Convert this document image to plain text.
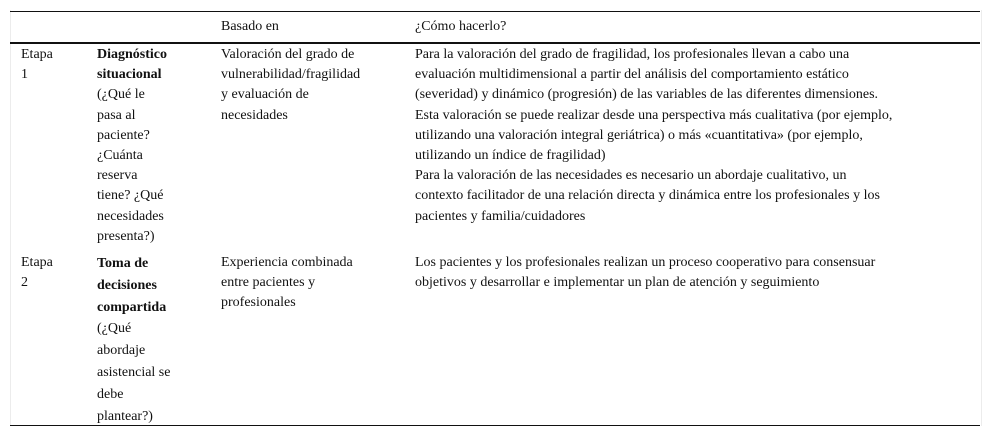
Basado en	¿Cómo hacerlo?
Etapa
1
Diagnóstico
situacional
(¿Qué le
pasa al
paciente?
¿Cuánta
reserva
tiene? ¿Qué
necesidades
presenta?)
Valoración del grado de
vulnerabilidad/fragilidad
y evaluación de
necesidades
Para la valoración del grado de fragilidad, los profesionales llevan a cabo una
evaluación multidimensional a partir del análisis del comportamiento estático
(severidad) y dinámico (progresión) de las variables de las diferentes dimensiones.
Esta valoración se puede realizar desde una perspectiva más cualitativa (por ejemplo,
utilizando una valoración integral geriátrica) o más «cuantitativa» (por ejemplo,
utilizando un índice de fragilidad)
Para la valoración de las necesidades es necesario un abordaje cualitativo, un
contexto facilitador de una relación directa y dinámica entre los profesionales y los
pacientes y familia/cuidadores
Etapa
2
Toma de
decisiones
compartida
(¿Qué
abordaje
asistencial se
debe
plantear?)
Experiencia combinada
entre pacientes y
profesionales
Los pacientes y los profesionales realizan un proceso cooperativo para consensuar
objetivos y desarrollar e implementar un plan de atención y seguimiento
